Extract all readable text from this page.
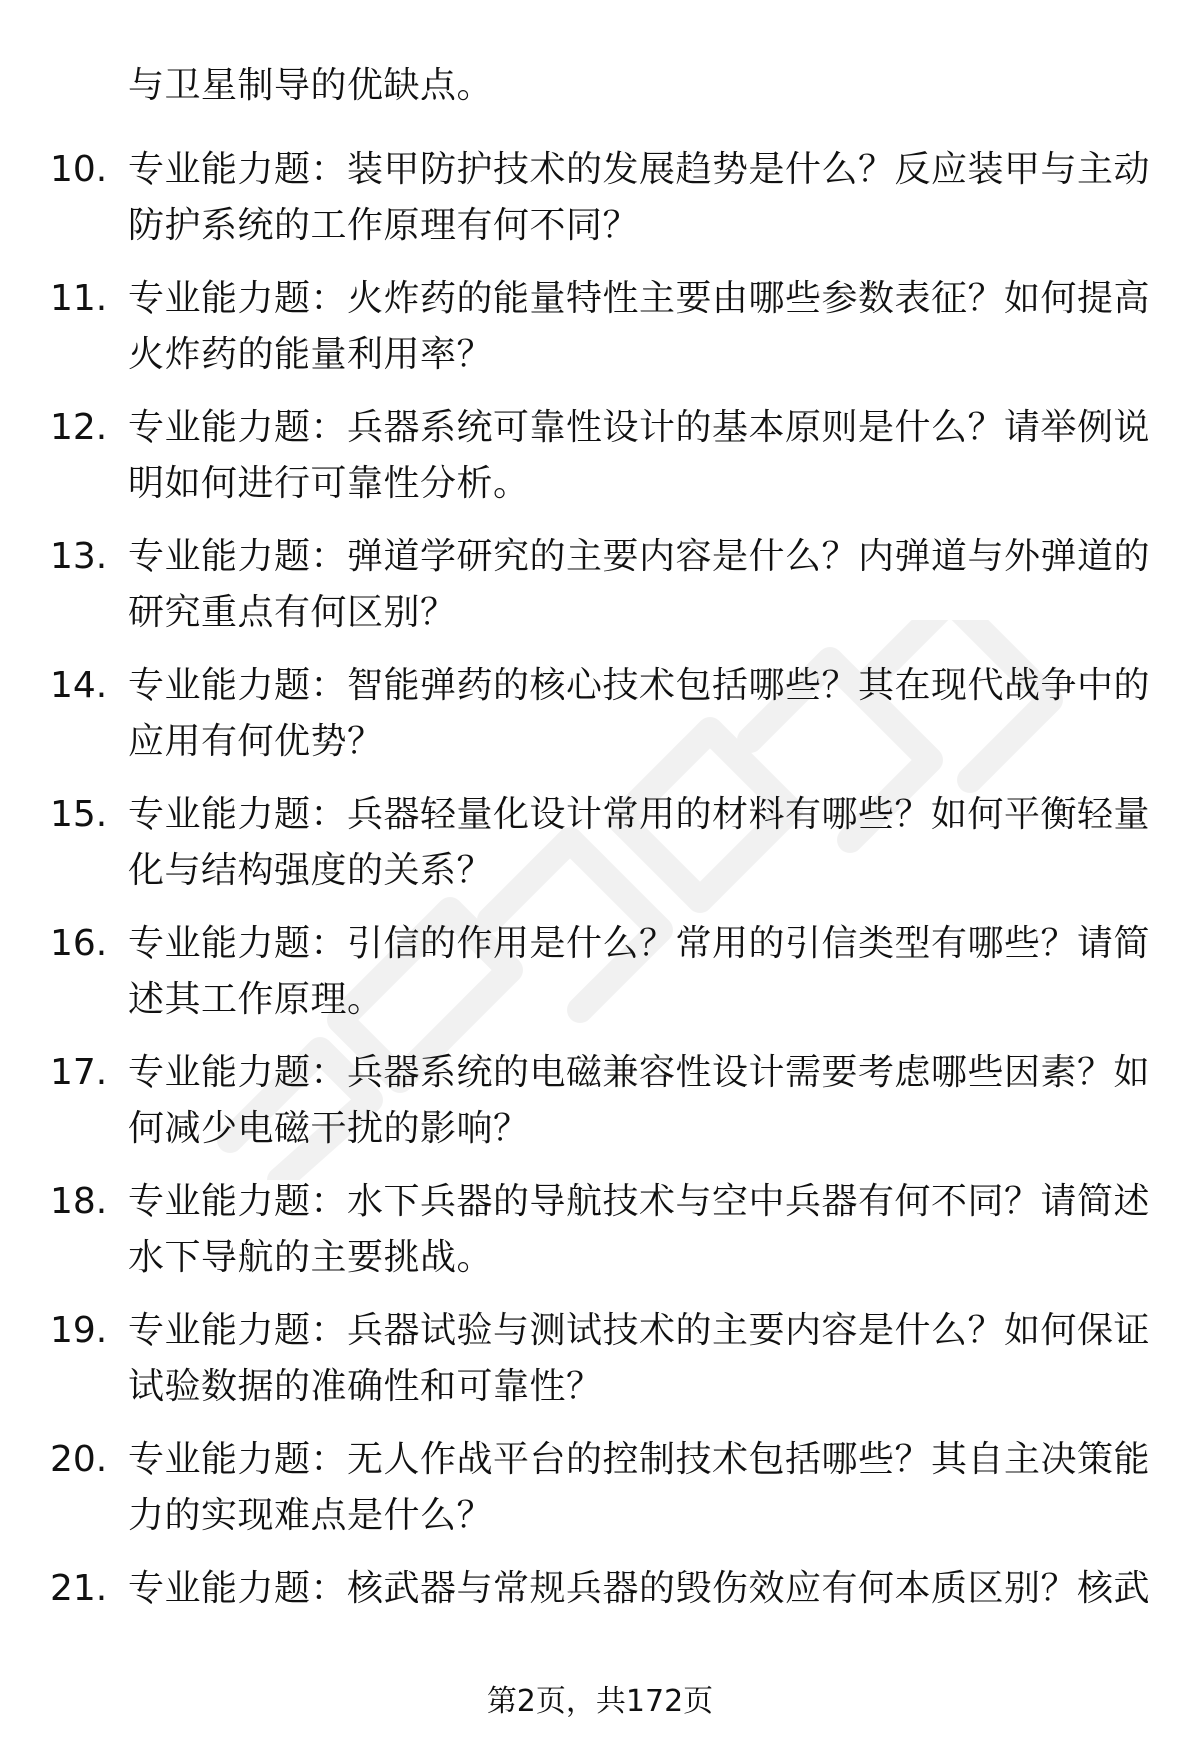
与卫星制导的优缺点。
10. 专业能力题：装甲防护技术的发展趋势是什么？反应装甲与主动防护系统的工作原理有何不同？
11. 专业能力题：火炸药的能量特性主要由哪些参数表征？如何提高火炸药的能量利用率？
12. 专业能力题：兵器系统可靠性设计的基本原则是什么？请举例说明如何进行可靠性分析。
13. 专业能力题：弹道学研究的主要内容是什么？内弹道与外弹道的研究重点有何区别？
14. 专业能力题：智能弹药的核心技术包括哪些？其在现代战争中的应用有何优势？
15. 专业能力题：兵器轻量化设计常用的材料有哪些？如何平衡轻量化与结构强度的关系？
16. 专业能力题：引信的作用是什么？常用的引信类型有哪些？请简述其工作原理。
17. 专业能力题：兵器系统的电磁兼容性设计需要考虑哪些因素？如何减少电磁干扰的影响？
18. 专业能力题：水下兵器的导航技术与空中兵器有何不同？请简述水下导航的主要挑战。
19. 专业能力题：兵器试验与测试技术的主要内容是什么？如何保证试验数据的准确性和可靠性？
20. 专业能力题：无人作战平台的控制技术包括哪些？其自主决策能力的实现难点是什么？
21. 专业能力题：核武器与常规兵器的毁伤效应有何本质区别？核武
第2页，共172页
